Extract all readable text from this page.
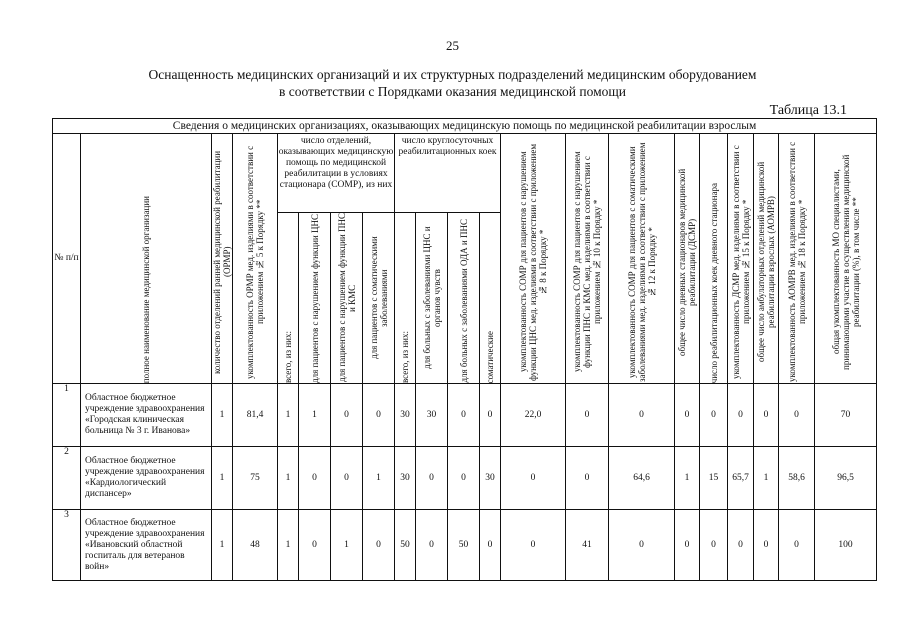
25
Оснащенность медицинских организаций и их структурных подразделений медицинским оборудованием
в соответствии с Порядками оказания медицинской помощи
Таблица 13.1
Сведения о медицинских организациях, оказывающих медицинскую помощь по медицинской реабилитации взрослым																				
№ п/п	полное наименование медицинской организации	количество отделений ранней медицинской реабилитации (ОРМР)	укомплектованность ОРМР мед. изделиями в соответствии с приложением № 5 к Порядку **	число отделений, оказывающих медицинскую помощь по медицинской реабилитации в условиях стационара (СОМР), из них				число круглосуточных реабилитационных коек				укомплектованность СОМР для пациентов с нарушением функции ЦНС мед. изделиями в соответствии с приложением № 8 к Порядку *	укомплектованность СОМР для пациентов с нарушением функции ПНС и КМС мед. изделиями в соответствии с приложением № 10 к Порядку *	укомплектованность СОМР для пациентов с соматическими заболеваниями мед. изделиями в соответствии с приложением № 12 к Порядку *	общее число дневных стационаров медицинской реабилитации (ДСМР)	число реабилитационных коек дневного стационара	укомплектованность ДСМР мед. изделиями в соответствии с приложением № 15 к Порядку *	общее число амбулаторных отделений медицинской реабилитации взрослых (АОМРВ)	укомплектованность АОМРВ мед. изделиями в соответствии с приложением № 18 к Порядку *	общая укомплектованность МО специалистами, принимающими участие в осуществлении медицинской реабилитации (%), в том числе **

				всего, из них:	для пациентов с нарушением функции ЦНС	для пациентов с нарушением функции ПНС и КМС	для пациентов с соматическими заболеваниями	всего, из них:	для больных с заболеваниями ЦНС и органов чувств	для больных с заболеваниями ОДА и ПНС	соматические									

1	Областное бюджетное учреждение здравоохранения «Городская клиническая больница № 3 г. Иванова»	1	81,4	1	1	0	0	30	30	0	0	22,0	0	0	0	0	0	0	0	70
2	Областное бюджетное учреждение здравоохранения «Кардиологический диспансер»	1	75	1	0	0	1	30	0	0	30	0	0	64,6	1	15	65,7	1	58,6	96,5
3	Областное бюджетное учреждение здравоохранения «Ивановский областной госпиталь для ветеранов войн»	1	48	1	0	1	0	50	0	50	0	0	41	0	0	0	0	0	0	100
